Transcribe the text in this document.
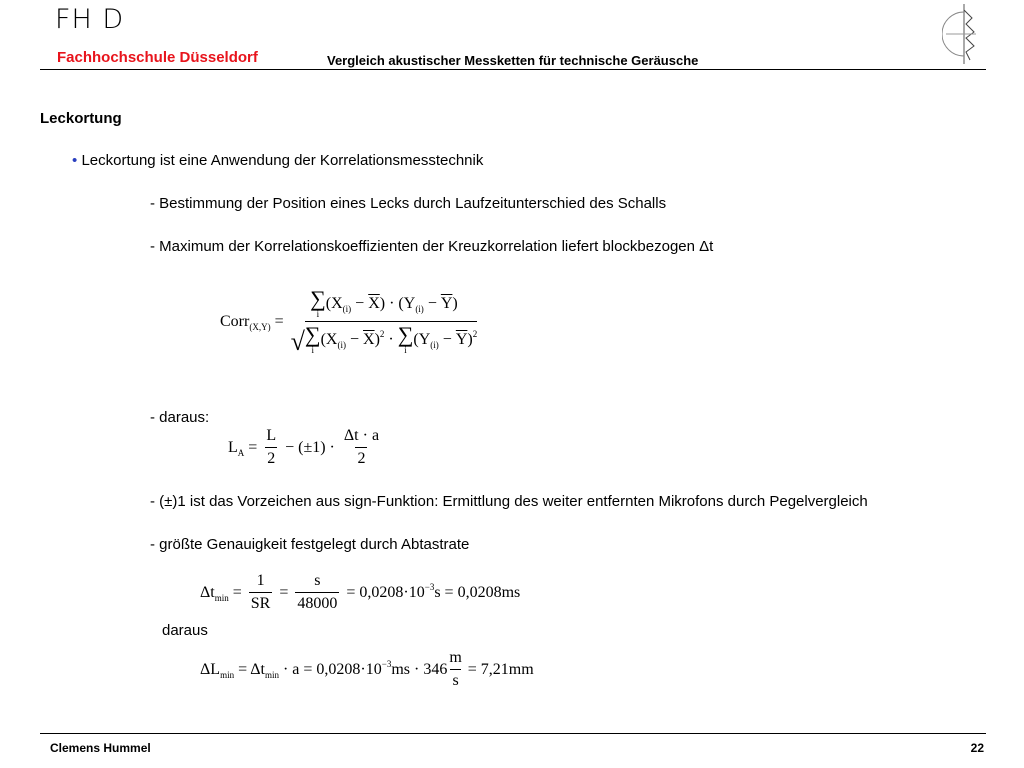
FH D
Fachhochschule Düsseldorf	Vergleich akustischer Messketten für technische Geräusche
Leckortung
• Leckortung ist eine Anwendung der Korrelationsmesstechnik
- Bestimmung der Position eines Lecks durch Laufzeitunterschied des Schalls
- Maximum der Korrelationskoeffizienten der Kreuzkorrelation liefert blockbezogen Δt
Corr (X,Y) =
∑
i
(X $(i) - \overline{X}$ ) · (Y $(i) - \overline{Y}$ )
√ ∑
i
(X $(i) - \overline{X}$ ) 2 · ∑
i
(Y $(i) - \overline{Y}$ ) 2
- daraus:
L $A = \frac{L}{2} - (\pm 1) \cdot \frac{\Delta t \cdot a}{2}$
- (±)1 ist das Vorzeichen aus sign-Funktion: Ermittlung des weiter entfernten Mikrofons durch Pegelvergleich
- größte Genauigkeit festgelegt durch Abtastrate
Δt $\min = \frac{1}{SR} = \frac{s}{48000} = 0,0208\cdot 10 -3$ s = 0,0208ms
daraus
ΔL min = Δt min · a = 0,0208·10 −3 ms · $346 \frac{m}{s} = 7,21mm$
Clemens Hummel	22
